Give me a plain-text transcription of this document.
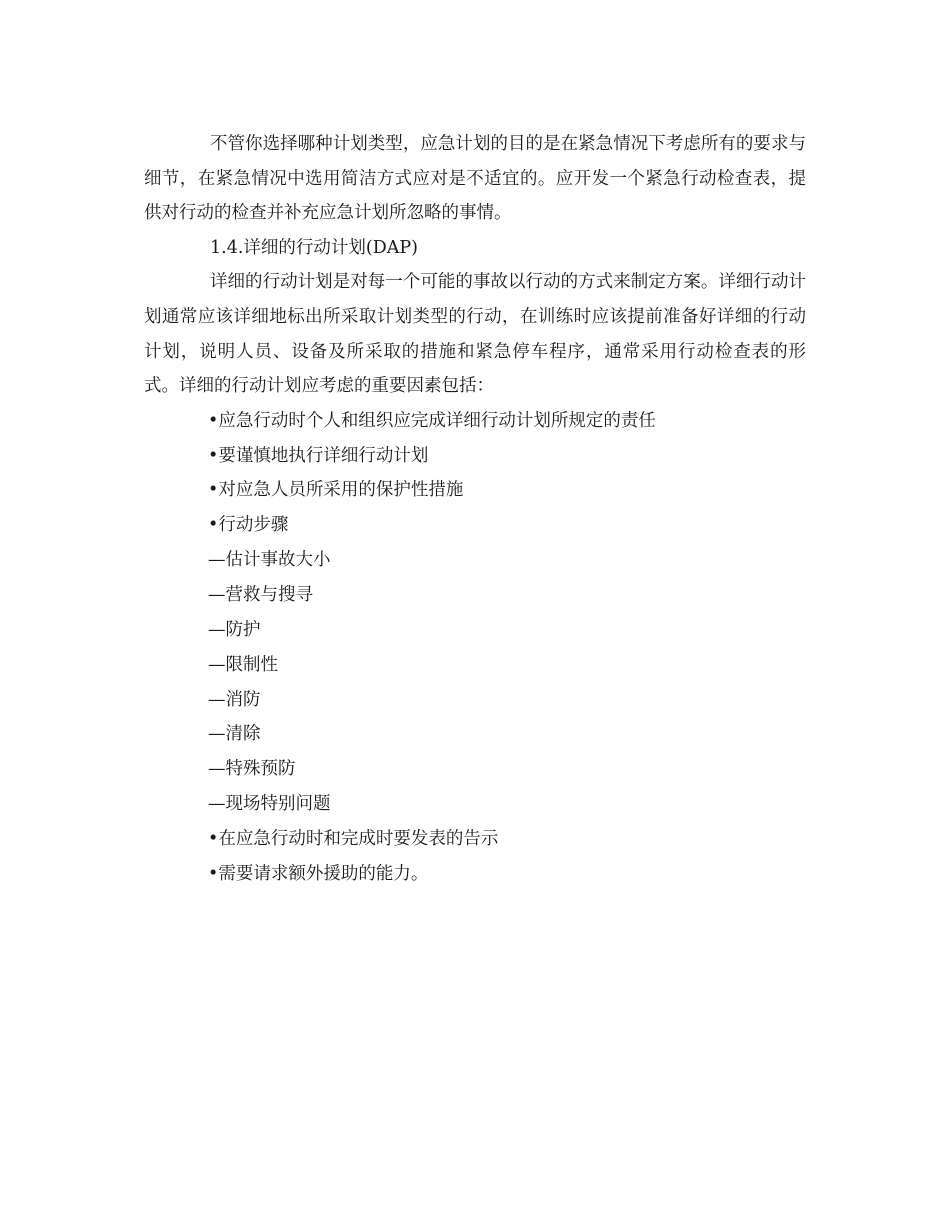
不管你选择哪种计划类型，应急计划的目的是在紧急情况下考虑所有的要求与细节，在紧急情况中选用简洁方式应对是不适宜的。应开发一个紧急行动检查表，提供对行动的检查并补充应急计划所忽略的事情。

1.4.详细的行动计划(DAP)

详细的行动计划是对每一个可能的事故以行动的方式来制定方案。详细行动计划通常应该详细地标出所采取计划类型的行动，在训练时应该提前准备好详细的行动计划，说明人员、设备及所采取的措施和紧急停车程序，通常采用行动检查表的形式。详细的行动计划应考虑的重要因素包括：

•应急行动时个人和组织应完成详细行动计划所规定的责任
•要谨慎地执行详细行动计划
•对应急人员所采用的保护性措施
•行动步骤
—估计事故大小
—营救与搜寻
—防护
—限制性
—消防
—清除
—特殊预防
—现场特别问题
•在应急行动时和完成时要发表的告示
•需要请求额外援助的能力。
